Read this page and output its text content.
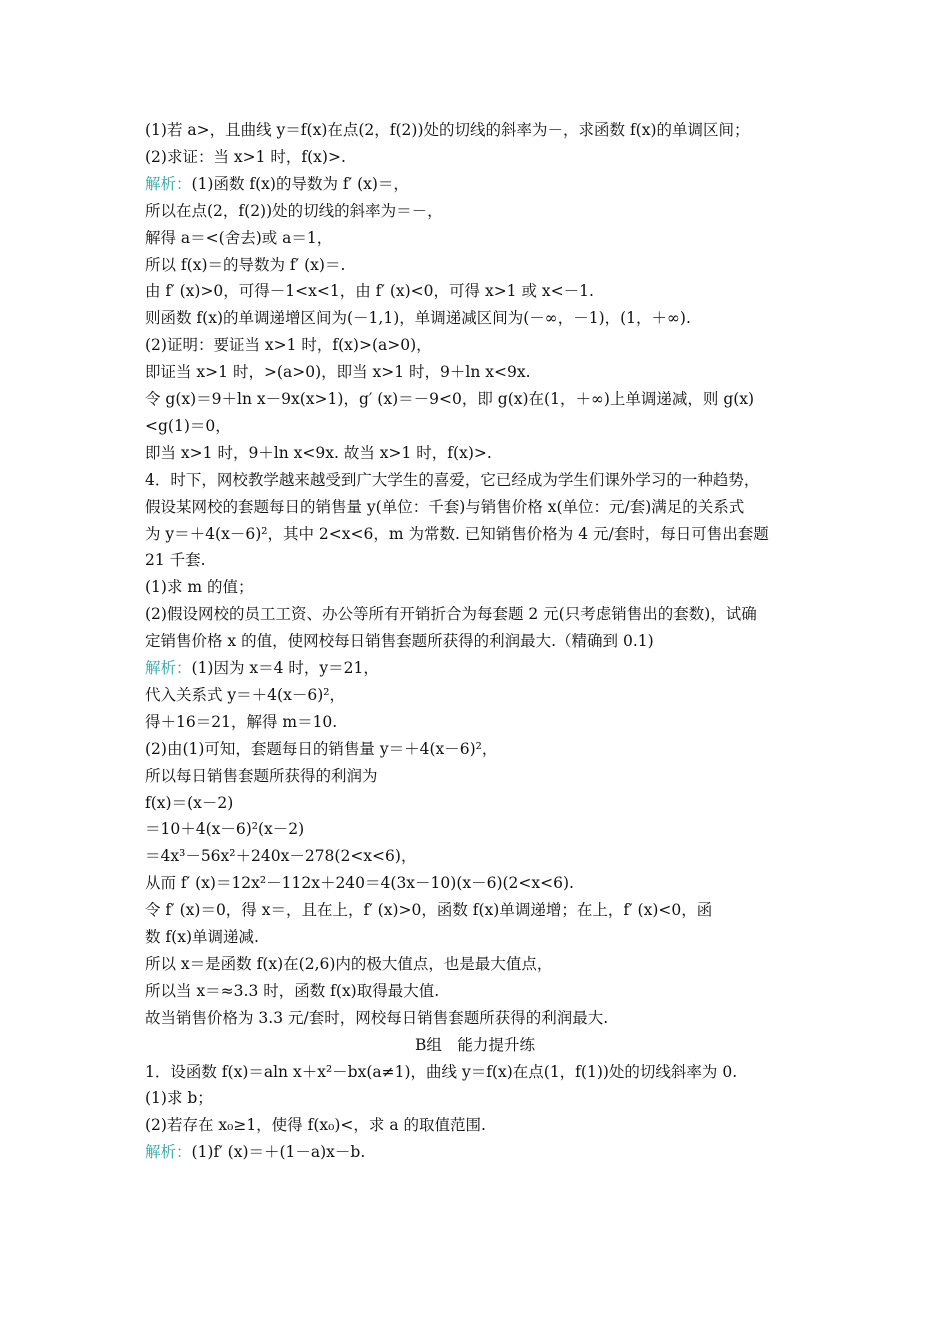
(1)若 a>，且曲线 y＝f(x)在点(2，f(2))处的切线的斜率为－，求函数 f(x)的单调区间；
(2)求证：当 x>1 时，f(x)>.
解析：(1)函数 f(x)的导数为 f′ (x)＝，
所以在点(2，f(2))处的切线的斜率为＝－，
解得 a＝<(舍去)或 a＝1，
所以 f(x)＝的导数为 f′ (x)＝.
由 f′ (x)>0，可得－1<x<1，由 f′ (x)<0，可得 x>1 或 x<－1.
则函数 f(x)的单调递增区间为(－1,1)，单调递减区间为(－∞，－1)，(1，＋∞).
(2)证明：要证当 x>1 时，f(x)>(a>0)，
即证当 x>1 时，>(a>0)，即当 x>1 时，9＋ln x<9x.
令 g(x)＝9＋ln x－9x(x>1)，g′ (x)＝－9<0，即 g(x)在(1，＋∞)上单调递减，则 g(x)
<g(1)＝0，
即当 x>1 时，9＋ln x<9x. 故当 x>1 时，f(x)>.
4．时下，网校教学越来越受到广大学生的喜爱，它已经成为学生们课外学习的一种趋势，
假设某网校的套题每日的销售量 y(单位：千套)与销售价格 x(单位：元/套)满足的关系式
为 y＝＋4(x－6)²，其中 2<x<6，m 为常数. 已知销售价格为 4 元/套时，每日可售出套题
21 千套.
(1)求 m 的值；
(2)假设网校的员工工资、办公等所有开销折合为每套题 2 元(只考虑销售出的套数)，试确
定销售价格 x 的值，使网校每日销售套题所获得的利润最大.（精确到 0.1)
解析：(1)因为 x＝4 时，y＝21，
代入关系式 y＝＋4(x－6)²，
得＋16＝21，解得 m＝10.
(2)由(1)可知，套题每日的销售量 y＝＋4(x－6)²，
所以每日销售套题所获得的利润为
f(x)＝(x－2)
＝10＋4(x－6)²(x－2)
＝4x³－56x²＋240x－278(2<x<6)，
从而 f′ (x)＝12x²－112x＋240＝4(3x－10)(x－6)(2<x<6).
令 f′ (x)＝0，得 x＝，且在上，f′ (x)>0，函数 f(x)单调递增；在上，f′ (x)<0，函
数 f(x)单调递减.
所以 x＝是函数 f(x)在(2,6)内的极大值点，也是最大值点，
所以当 x＝≈3.3 时，函数 f(x)取得最大值.
故当销售价格为 3.3 元/套时，网校每日销售套题所获得的利润最大.
B组　能力提升练
1．设函数 f(x)＝aln x＋x²－bx(a≠1)，曲线 y＝f(x)在点(1，f(1))处的切线斜率为 0.
(1)求 b；
(2)若存在 x₀≥1，使得 f(x₀)<，求 a 的取值范围.
解析：(1)f′ (x)＝＋(1－a)x－b.
